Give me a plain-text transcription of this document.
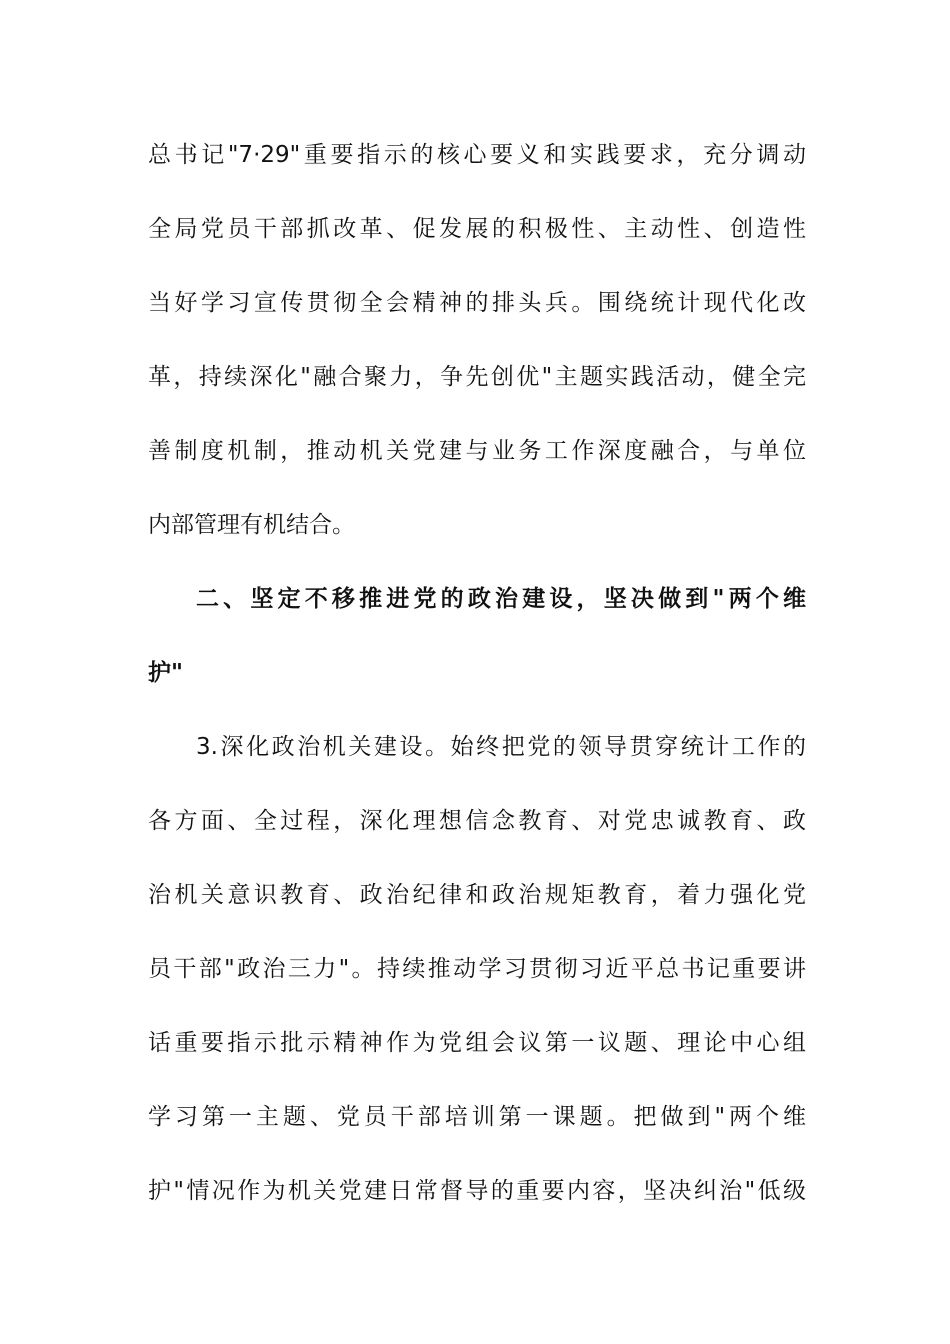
总书记"7·29"重要指示的核心要义和实践要求，充分调动
全局党员干部抓改革、促发展的积极性、主动性、创造性
当好学习宣传贯彻全会精神的排头兵。围绕统计现代化改
革，持续深化"融合聚力，争先创优"主题实践活动，健全完
善制度机制，推动机关党建与业务工作深度融合，与单位
内部管理有机结合。
二、坚定不移推进党的政治建设，坚决做到"两个维
护"
3.深化政治机关建设。始终把党的领导贯穿统计工作的
各方面、全过程，深化理想信念教育、对党忠诚教育、政
治机关意识教育、政治纪律和政治规矩教育，着力强化党
员干部"政治三力"。持续推动学习贯彻习近平总书记重要讲
话重要指示批示精神作为党组会议第一议题、理论中心组
学习第一主题、党员干部培训第一课题。把做到"两个维
护"情况作为机关党建日常督导的重要内容，坚决纠治"低级
